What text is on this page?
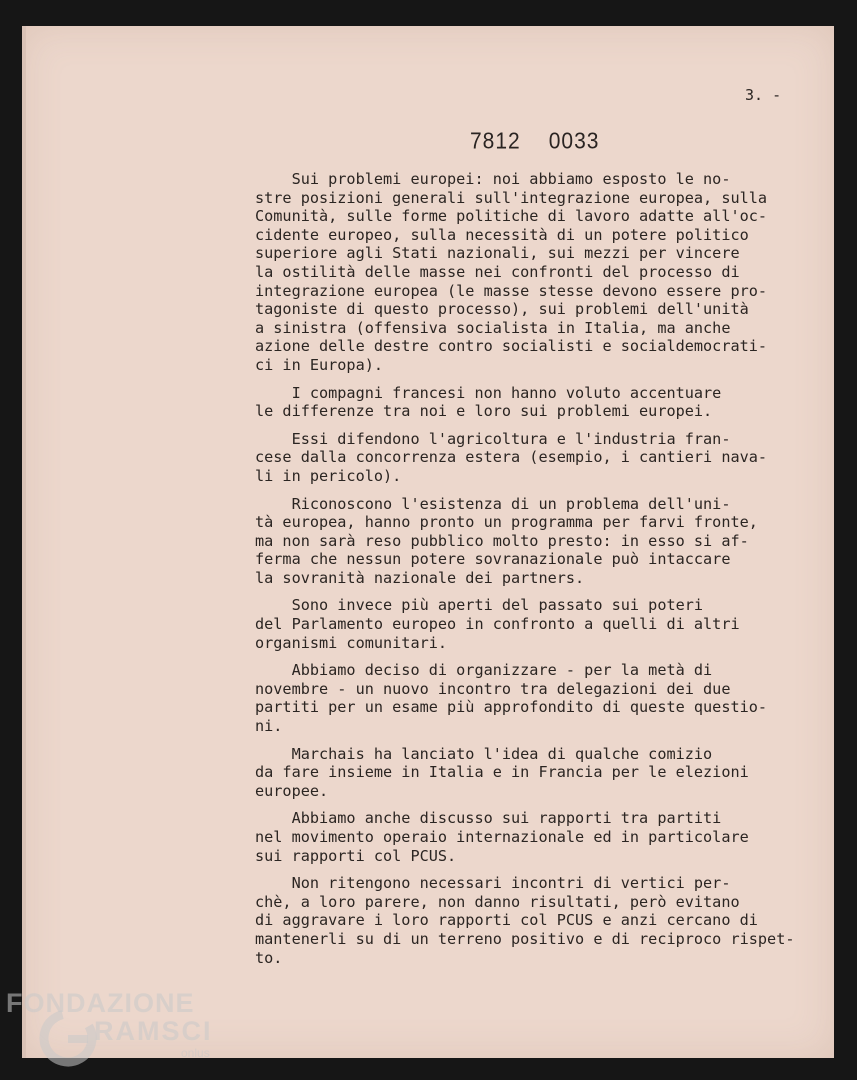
3. -
7812 0033
Sui problemi europei: noi abbiamo esposto le no-
stre posizioni generali sull'integrazione europea, sulla
Comunità, sulle forme politiche di lavoro adatte all'oc-
cidente europeo, sulla necessità di un potere politico
superiore agli Stati nazionali, sui mezzi per vincere
la ostilità delle masse nei confronti del processo di
integrazione europea (le masse stesse devono essere pro-
tagoniste di questo processo), sui problemi dell'unità
a sinistra (offensiva socialista in Italia, ma anche
azione delle destre contro socialisti e socialdemocrati-
ci in Europa).
I compagni francesi non hanno voluto accentuare
le differenze tra noi e loro sui problemi europei.
Essi difendono l'agricoltura e l'industria fran-
cese dalla concorrenza estera (esempio, i cantieri nava-
li in pericolo).
Riconoscono l'esistenza di un problema dell'uni-
tà europea, hanno pronto un programma per farvi fronte,
ma non sarà reso pubblico molto presto: in esso si af-
ferma che nessun potere sovranazionale può intaccare
la sovranità nazionale dei partners.
Sono invece più aperti del passato sui poteri
del Parlamento europeo in confronto a quelli di altri
organismi comunitari.
Abbiamo deciso di organizzare - per la metà di
novembre - un nuovo incontro tra delegazioni dei due
partiti per un esame più approfondito di queste questio-
ni.
Marchais ha lanciato l'idea di qualche comizio
da fare insieme in Italia e in Francia per le elezioni
europee.
Abbiamo anche discusso sui rapporti tra partiti
nel movimento operaio internazionale ed in particolare
sui rapporti col PCUS.
Non ritengono necessari incontri di vertici per-
chè, a loro parere, non danno risultati, però evitano
di aggravare i loro rapporti col PCUS e anzi cercano di
mantenerli su di un terreno positivo e di reciproco rispet-
to.
FONDAZIONE
RAMSCI
onlus
